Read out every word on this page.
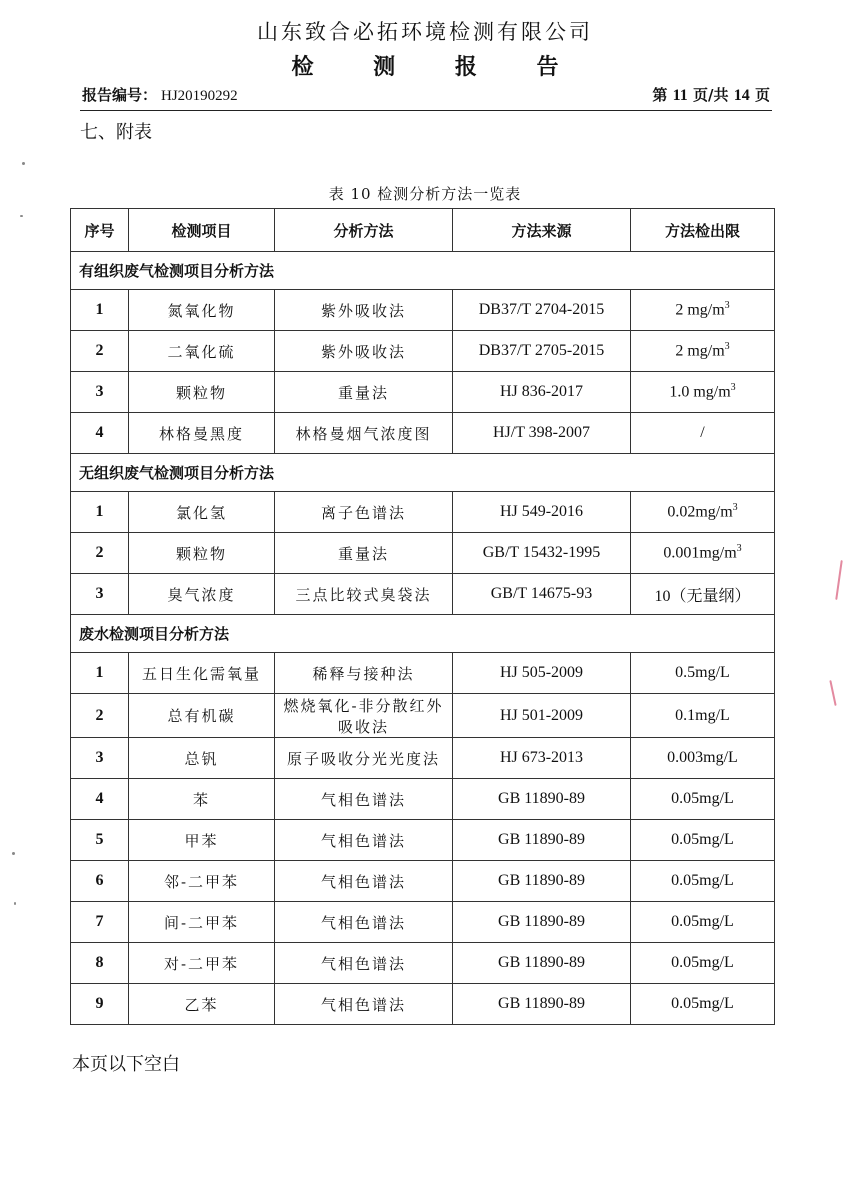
山东致合必拓环境检测有限公司
检 测 报 告
报告编号： HJ20190292	第 11 页/共 14 页
七、附表
表 10 检测分析方法一览表
序号	检测项目	分析方法	方法来源	方法检出限
有组织废气检测项目分析方法				
1	氮氧化物	紫外吸收法	DB37/T 2704-2015	2 $mg/m^3$
2	二氧化硫	紫外吸收法	DB37/T 2705-2015	2 $mg/m^3$
3	颗粒物	重量法	HJ 836-2017	1.0 $mg/m^3$
4	林格曼黑度	林格曼烟气浓度图	HJ/T 398-2007	/
无组织废气检测项目分析方法				
1	氯化氢	离子色谱法	HJ 549-2016	$0.02mg/m^3$
2	颗粒物	重量法	GB/T 15432-1995	$0.001mg/m^3$
3	臭气浓度	三点比较式臭袋法	GB/T 14675-93	10（无量纲）
废水检测项目分析方法				
1	五日生化需氧量	稀释与接种法	HJ 505-2009	0.5mg/L
2	总有机碳	燃烧氧化-非分散红外吸收法	HJ 501-2009	0.1mg/L
3	总钒	原子吸收分光光度法	HJ 673-2013	0.003mg/L
4	苯	气相色谱法	GB 11890-89	0.05mg/L
5	甲苯	气相色谱法	GB 11890-89	0.05mg/L
6	邻-二甲苯	气相色谱法	GB 11890-89	0.05mg/L
7	间-二甲苯	气相色谱法	GB 11890-89	0.05mg/L
8	对-二甲苯	气相色谱法	GB 11890-89	0.05mg/L
9	乙苯	气相色谱法	GB 11890-89	0.05mg/L
本页以下空白
